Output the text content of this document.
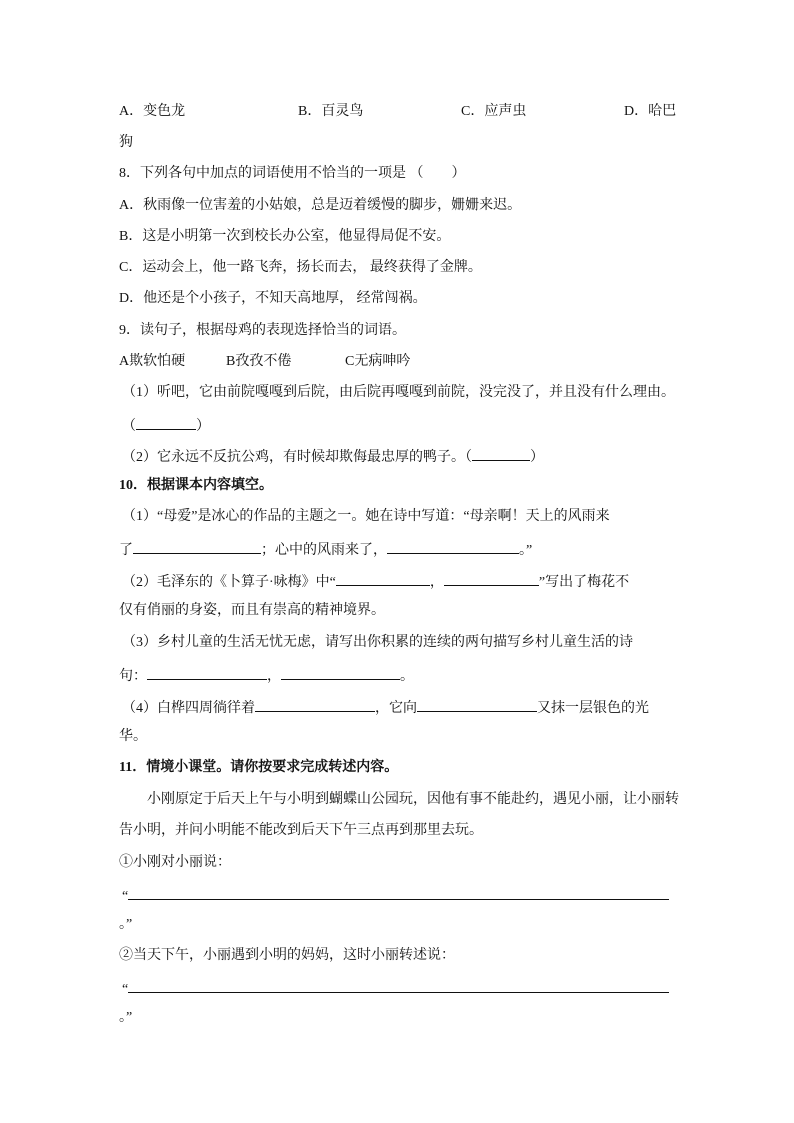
A．变色龙	B．百灵鸟	C．应声虫	D．哈巴
狗
8．下列各句中加点的词语使用不恰当的一项是 （　　）
A．秋雨像一位害羞的小姑娘，总是迈着缓慢的脚步，姗姗来迟。
B．这是小明第一次到校长办公室，他显得局促不安。
C．运动会上，他一路飞奔，扬长而去， 最终获得了金牌。
D．他还是个小孩子，不知天高地厚， 经常闯祸。
9．读句子，根据母鸡的表现选择恰当的词语。
A欺软怕硬	B孜孜不倦	C无病呻吟
（1）听吧，它由前院嘎嘎到后院，由后院再嘎嘎到前院，没完没了，并且没有什么理由。
（	）
（2）它永远不反抗公鸡，有时候却欺侮最忠厚的鸭子。（	）
10．根据课本内容填空。
（1）“母爱”是冰心的作品的主题之一。她在诗中写道：“母亲啊！天上的风雨来
了	；心中的风雨来了，	。”
（2）毛泽东的《卜算子·咏梅》中“	，	”写出了梅花不
仅有俏丽的身姿，而且有崇高的精神境界。
（3）乡村儿童的生活无忧无虑，请写出你积累的连续的两句描写乡村儿童生活的诗
句：	，	。
（4）白桦四周徜徉着	，它向	又抹一层银色的光
华。
11．情境小课堂。请你按要求完成转述内容。
小刚原定于后天上午与小明到蝴蝶山公园玩，因他有事不能赴约，遇见小丽，让小丽转
告小明，并问小明能不能改到后天下午三点再到那里去玩。
①小刚对小丽说：
“
。”
②当天下午，小丽遇到小明的妈妈，这时小丽转述说：
“
。”
